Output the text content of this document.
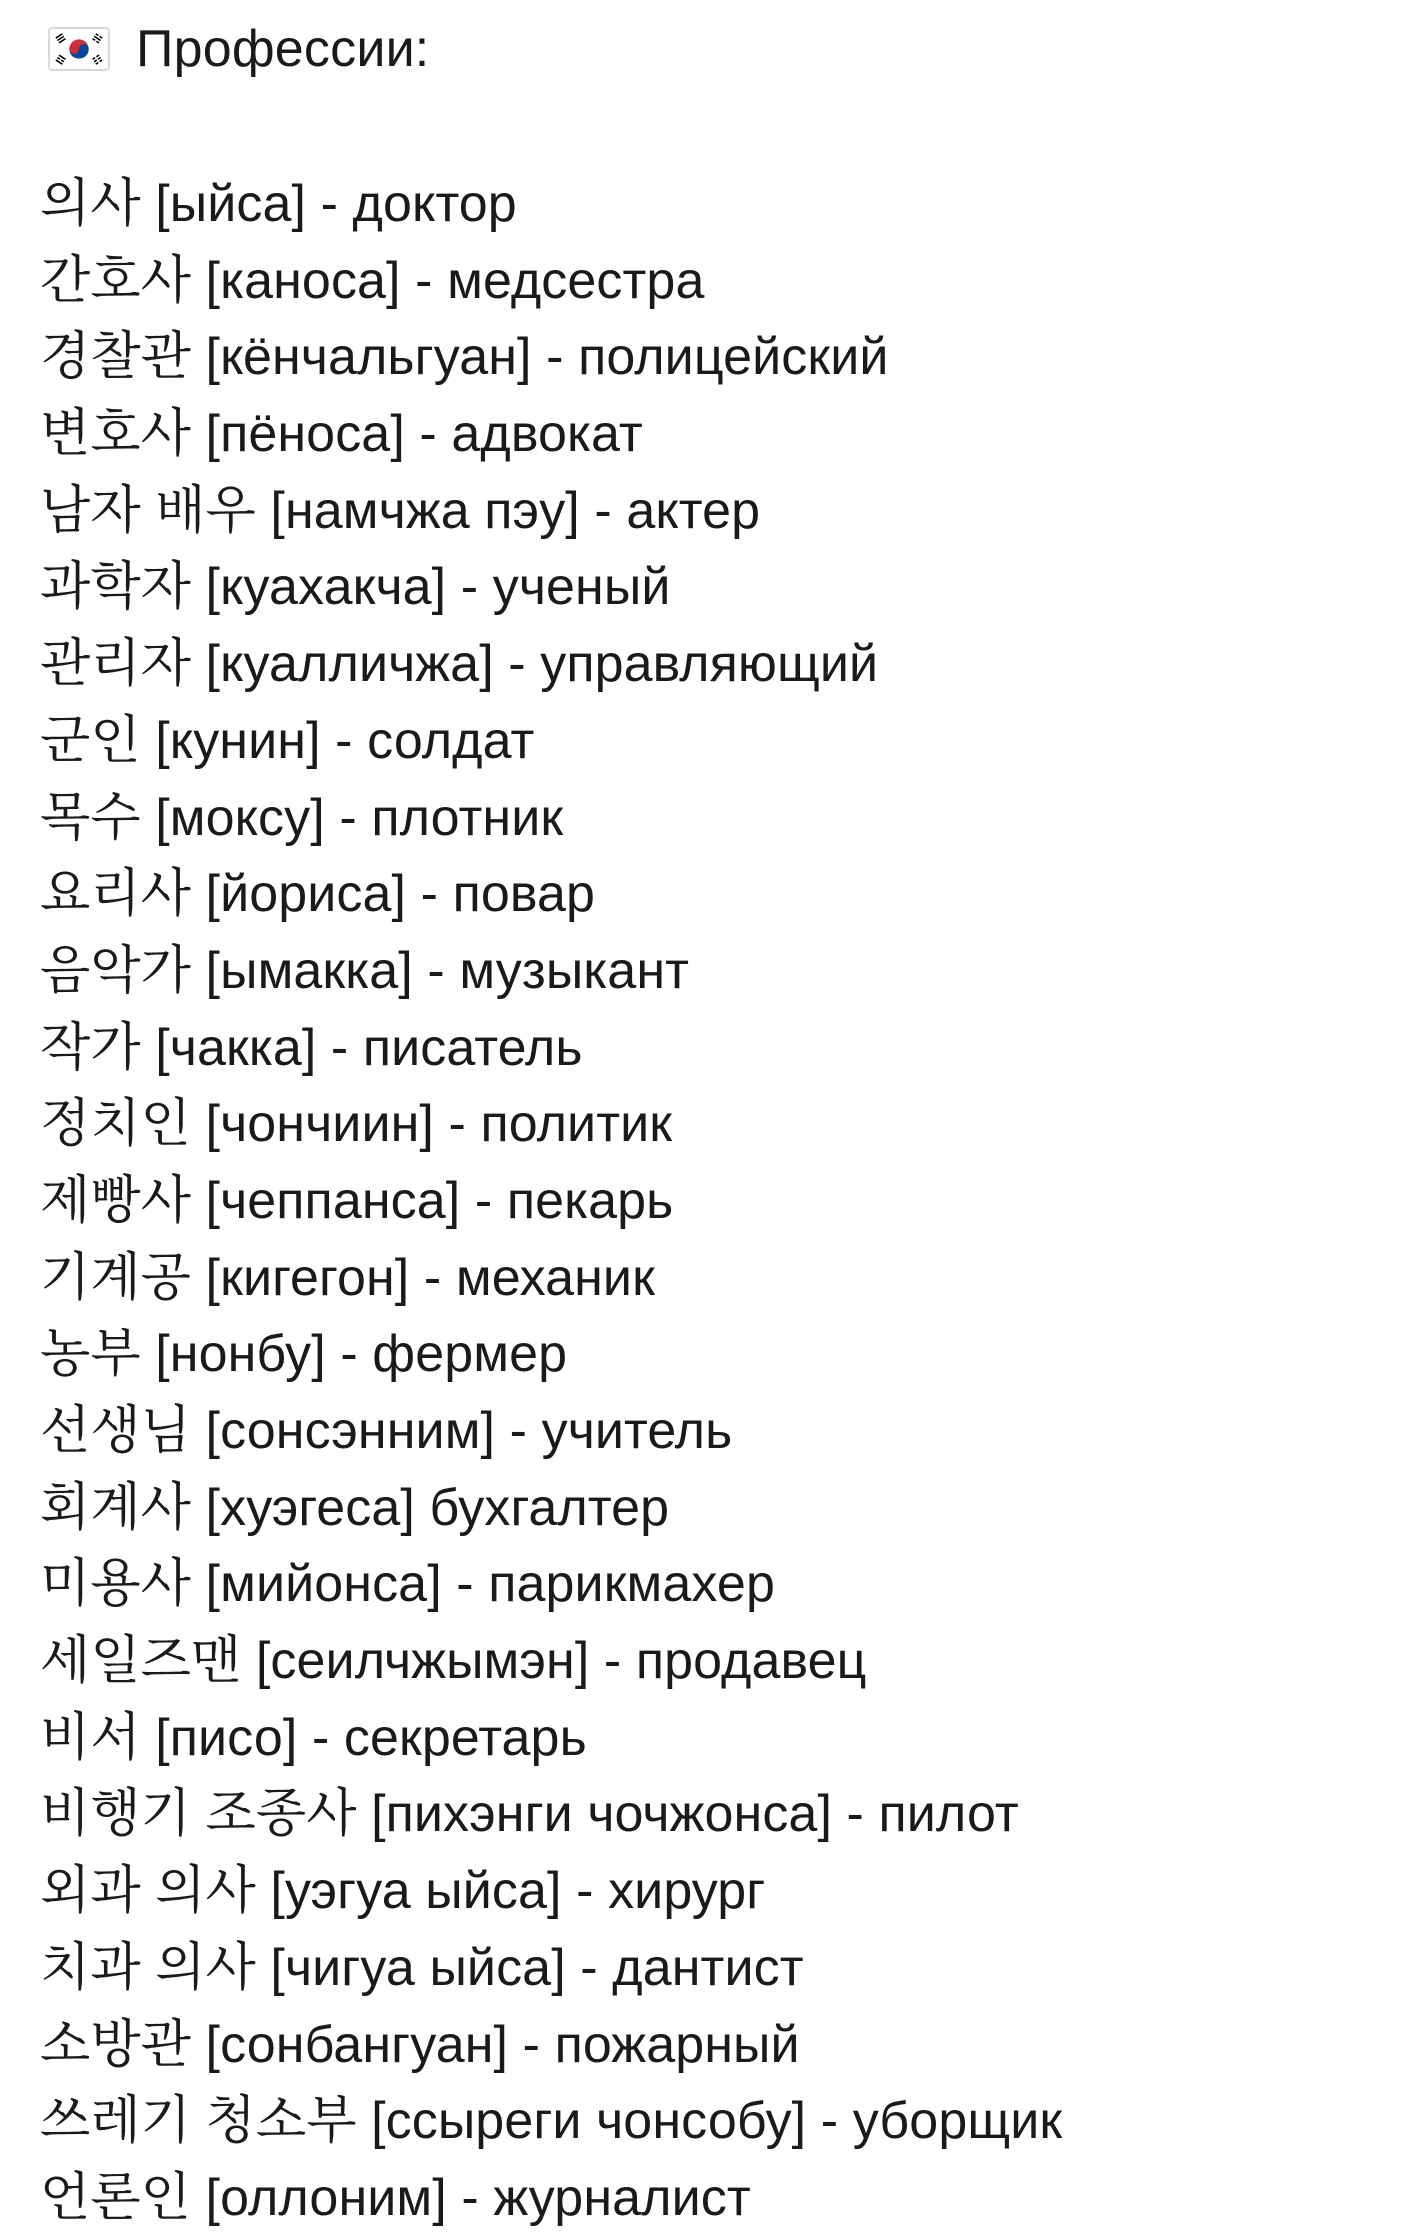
Профессии:
의사 [ыйса] - доктор
간호사 [каноса] - медсестра
경찰관 [кёнчальгуан] - полицейский
변호사 [пёноса] - адвокат
남자 배우 [намчжа пэу] - актер
과학자 [куахакча] - ученый
관리자 [куалличжа] - управляющий
군인 [кунин] - солдат
목수 [моксу] - плотник
요리사 [йориса] - повар
음악가 [ымакка] - музыкант
작가 [чакка] - писатель
정치인 [чончиин] - политик
제빵사 [чеппанса] - пекарь
기계공 [кигегон] - механик
농부 [нонбу] - фермер
선생님 [сонсэнним] - учитель
회계사 [хуэгеса] бухгалтер
미용사 [мийонса] - парикмахер
세일즈맨 [сеилчжымэн] - продавец
비서 [писо] - секретарь
비행기 조종사 [пихэнги чочжонса] - пилот
외과 의사 [уэгуа ыйса] - хирург
치과 의사 [чигуа ыйса] - дантист
소방관 [сонбангуан] - пожарный
쓰레기 청소부 [ссыреги чонсобу] - уборщик
언론인 [оллоним] - журналист
